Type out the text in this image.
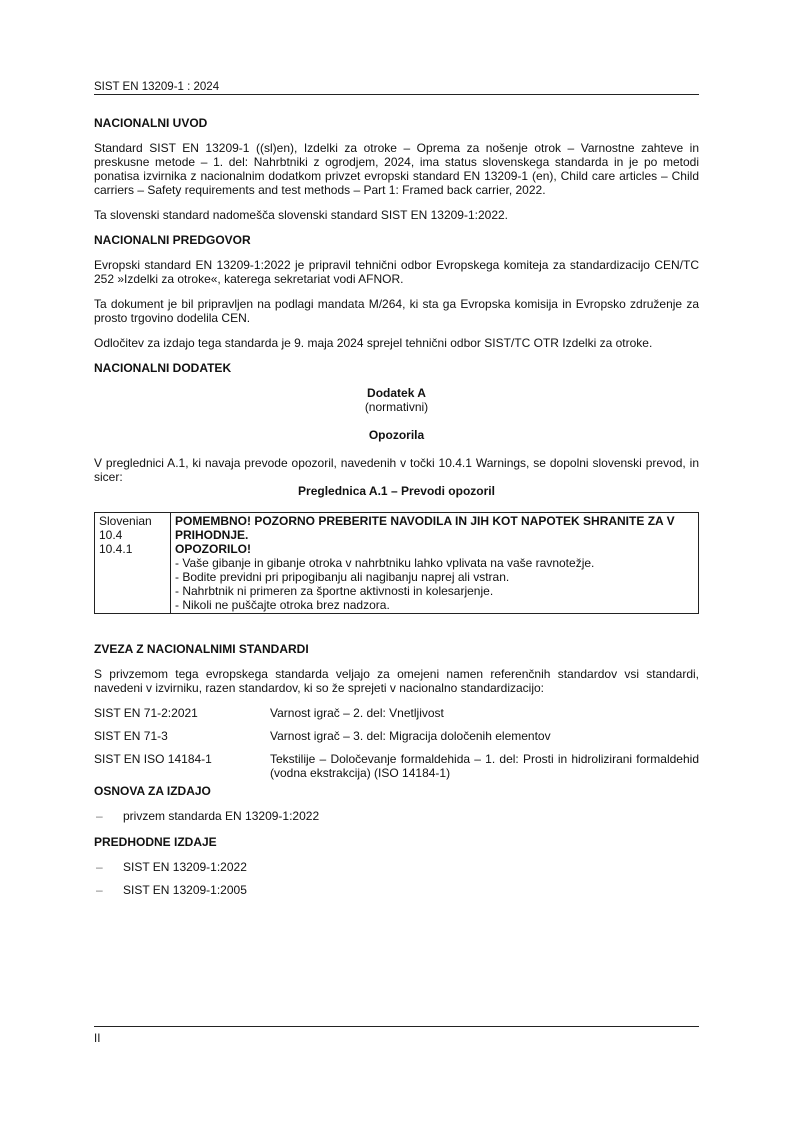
SIST EN 13209-1 : 2024
NACIONALNI UVOD

Standard SIST EN 13209-1 ((sl)en), Izdelki za otroke – Oprema za nošenje otrok – Varnostne zahteve in preskusne metode – 1. del: Nahrbtniki z ogrodjem, 2024, ima status slovenskega standarda in je po metodi ponatisa izvirnika z nacionalnim dodatkom privzet evropski standard EN 13209-1 (en), Child care articles – Child carriers – Safety requirements and test methods – Part 1: Framed back carrier, 2022.

Ta slovenski standard nadomešča slovenski standard SIST EN 13209-1:2022.

NACIONALNI PREDGOVOR

Evropski standard EN 13209-1:2022 je pripravil tehnični odbor Evropskega komiteja za standardizacijo CEN/TC 252 »Izdelki za otroke«, katerega sekretariat vodi AFNOR.

Ta dokument je bil pripravljen na podlagi mandata M/264, ki sta ga Evropska komisija in Evropsko združenje za prosto trgovino dodelila CEN.

Odločitev za izdajo tega standarda je 9. maja 2024 sprejel tehnični odbor SIST/TC OTR Izdelki za otroke.

NACIONALNI DODATEK
Dodatek A
(normativni)
Opozorila

V preglednici A.1, ki navaja prevode opozoril, navedenih v točki 10.4.1 Warnings, se dopolni slovenski prevod, in sicer:

Preglednica A.1 – Prevodi opozoril
Slovenian
10.4
10.4.1

POMEMBNO! POZORNO PREBERITE NAVODILA IN JIH KOT NAPOTEK SHRANITE ZA V PRIHODNJE.
OPOZORILO!
- Vaše gibanje in gibanje otroka v nahrbtniku lahko vplivata na vaše ravnotežje.
- Bodite previdni pri pripogibanju ali nagibanju naprej ali vstran.
- Nahrbtnik ni primeren za športne aktivnosti in kolesarjenje.
- Nikoli ne puščajte otroka brez nadzora.
ZVEZA Z NACIONALNIMI STANDARDI

S privzemom tega evropskega standarda veljajo za omejeni namen referenčnih standardov vsi standardi, navedeni v izvirniku, razen standardov, ki so že sprejeti v nacionalno standardizacijo:

SIST EN 71-2:2021	Varnost igrač – 2. del: Vnetljivost
SIST EN 71-3	Varnost igrač – 3. del: Migracija določenih elementov
SIST EN ISO 14184-1	Tekstilije – Določevanje formaldehida – 1. del: Prosti in hidrolizirani formaldehid (vodna ekstrakcija) (ISO 14184-1)
OSNOVA ZA IZDAJO
–	privzem standarda EN 13209-1:2022
PREDHODNE IZDAJE
–	SIST EN 13209-1:2022
–	SIST EN 13209-1:2005
II
